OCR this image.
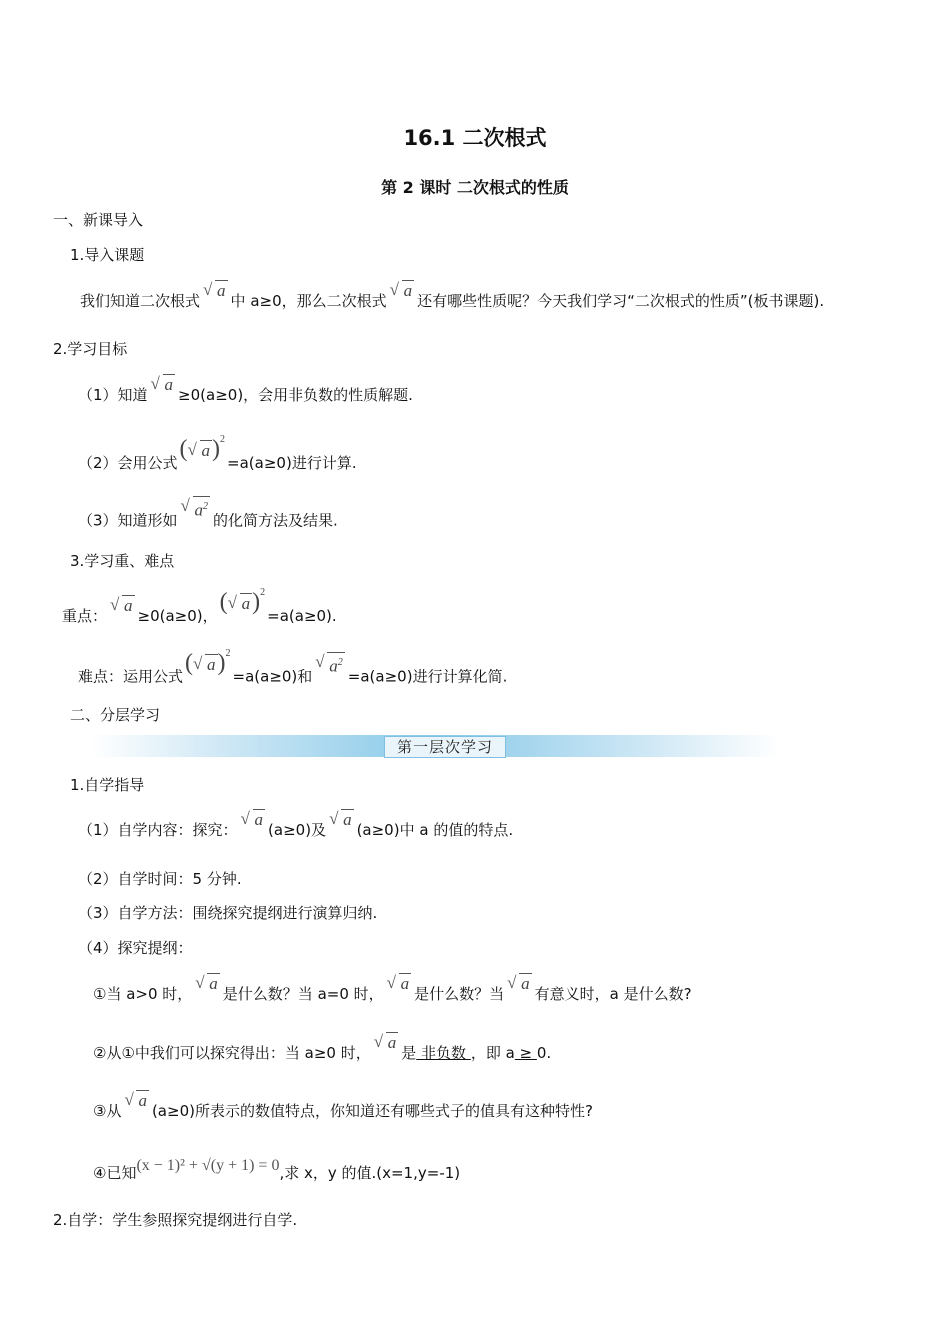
16.1 二次根式
第 2 课时 二次根式的性质
一、新课导入
1.导入课题
我们知道二次根式
√ a中 a≥0，那么二次根式
√ a还有哪些性质呢？今天我们学习“二次根式的性质”(板书课题).
2.学习目标
（1）知道
√ a≥0(a≥0)，会用非负数的性质解题.
（2）会用公式( √ a)$^2$=a(a≥0)进行计算.
（3）知道形如
√ $a^2$的化简方法及结果.
3.学习重、难点
重点：
√ a≥0(a≥0)，( √ a)$^2$=a(a≥0).
难点：运用公式( √ a)$^2$=a(a≥0)和
√ $a^2=a(a\ge 0)$进行计算化简.
二、分层学习
第一层次学习
1.自学指导
（1）自学内容：探究：
√ a(a≥0)及
√ a(a≥0)中 a 的值的特点.
（2）自学时间：5 分钟.
（3）自学方法：围绕探究提纲进行演算归纳.
（4）探究提纲：
①当 a>0 时，
√ a是什么数？当 a=0 时，
√ a是什么数？当
√ a有意义时，a 是什么数?
②从①中我们可以探究得出：当 a≥0 时，
√ a是 非负数 ，即 a ≥ 0.
③从
√ a(a≥0)所表示的数值特点，你知道还有哪些式子的值具有这种特性?
④已知(x − 1)² + √(y + 1) = 0,求 x，y 的值.(x=1,y=-1)
2.自学：学生参照探究提纲进行自学.
